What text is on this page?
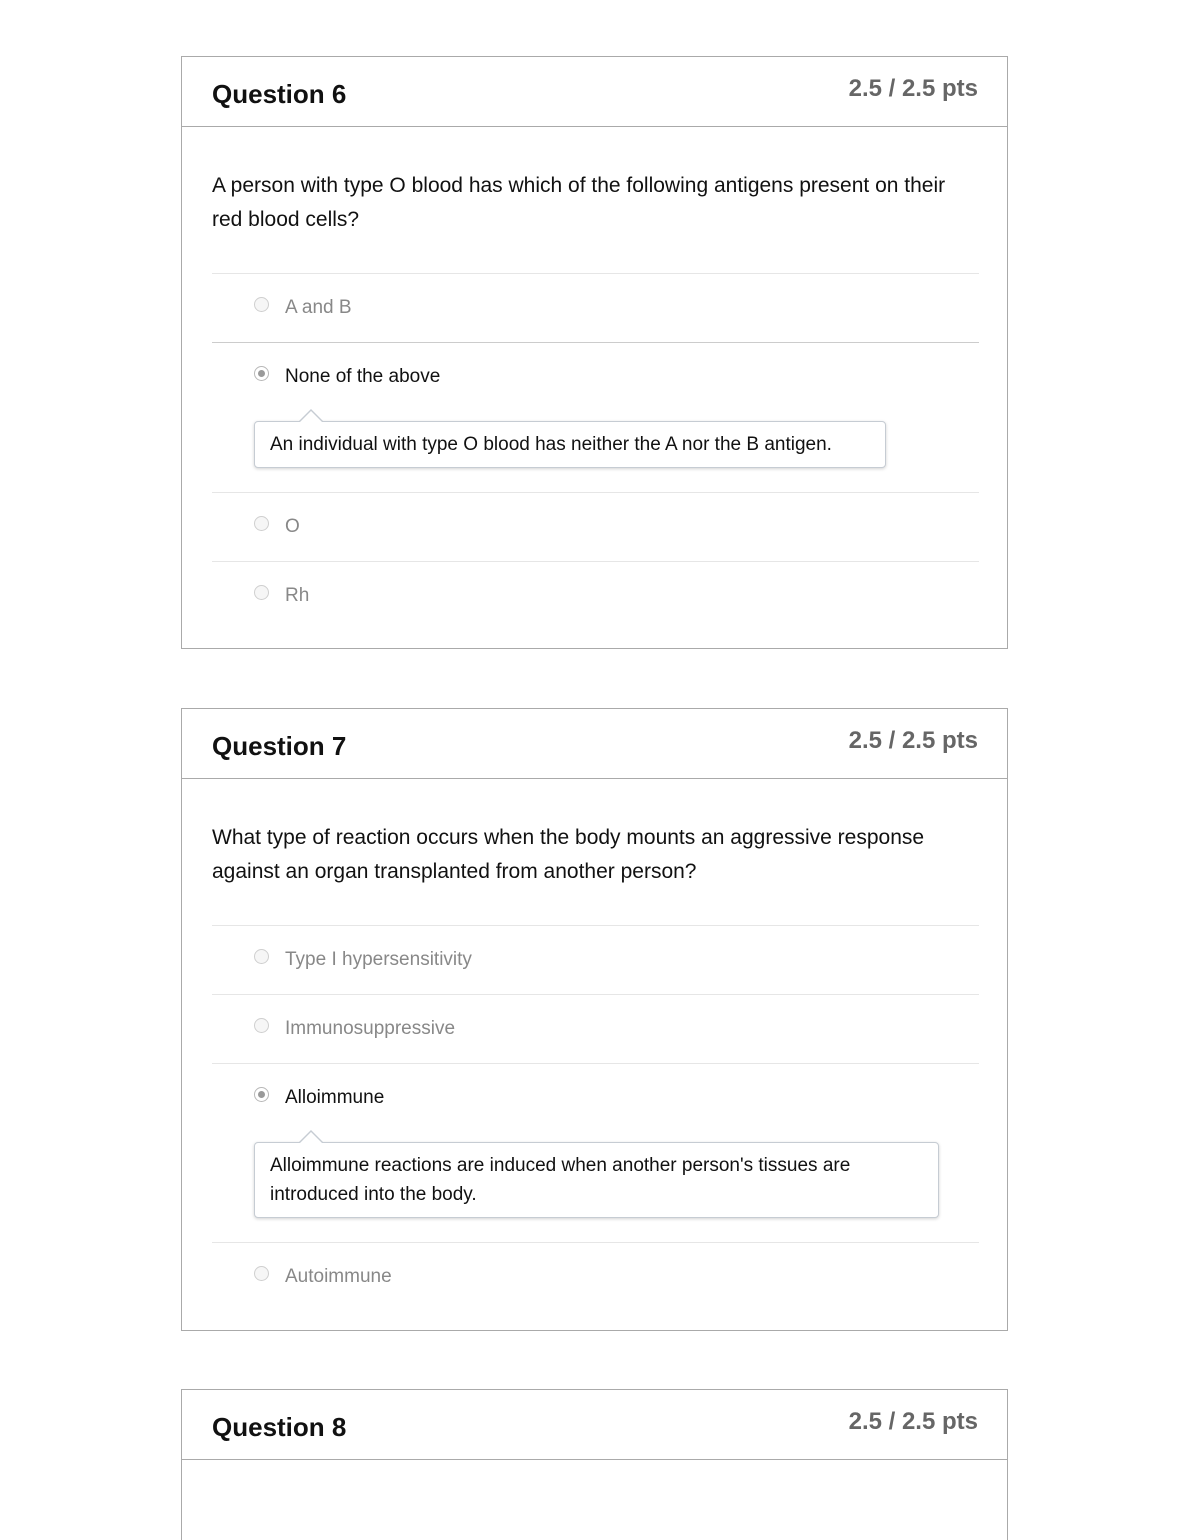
Question 6	2.5 / 2.5 pts

A person with type O blood has which of the following antigens present on their red blood cells?

A and B
None of the above
An individual with type O blood has neither the A nor the B antigen.
O
Rh
Question 7	2.5 / 2.5 pts

What type of reaction occurs when the body mounts an aggressive response against an organ transplanted from another person?

Type I hypersensitivity
Immunosuppressive
Alloimmune
Alloimmune reactions are induced when another person's tissues are introduced into the body.
Autoimmune
Question 8	2.5 / 2.5 pts
